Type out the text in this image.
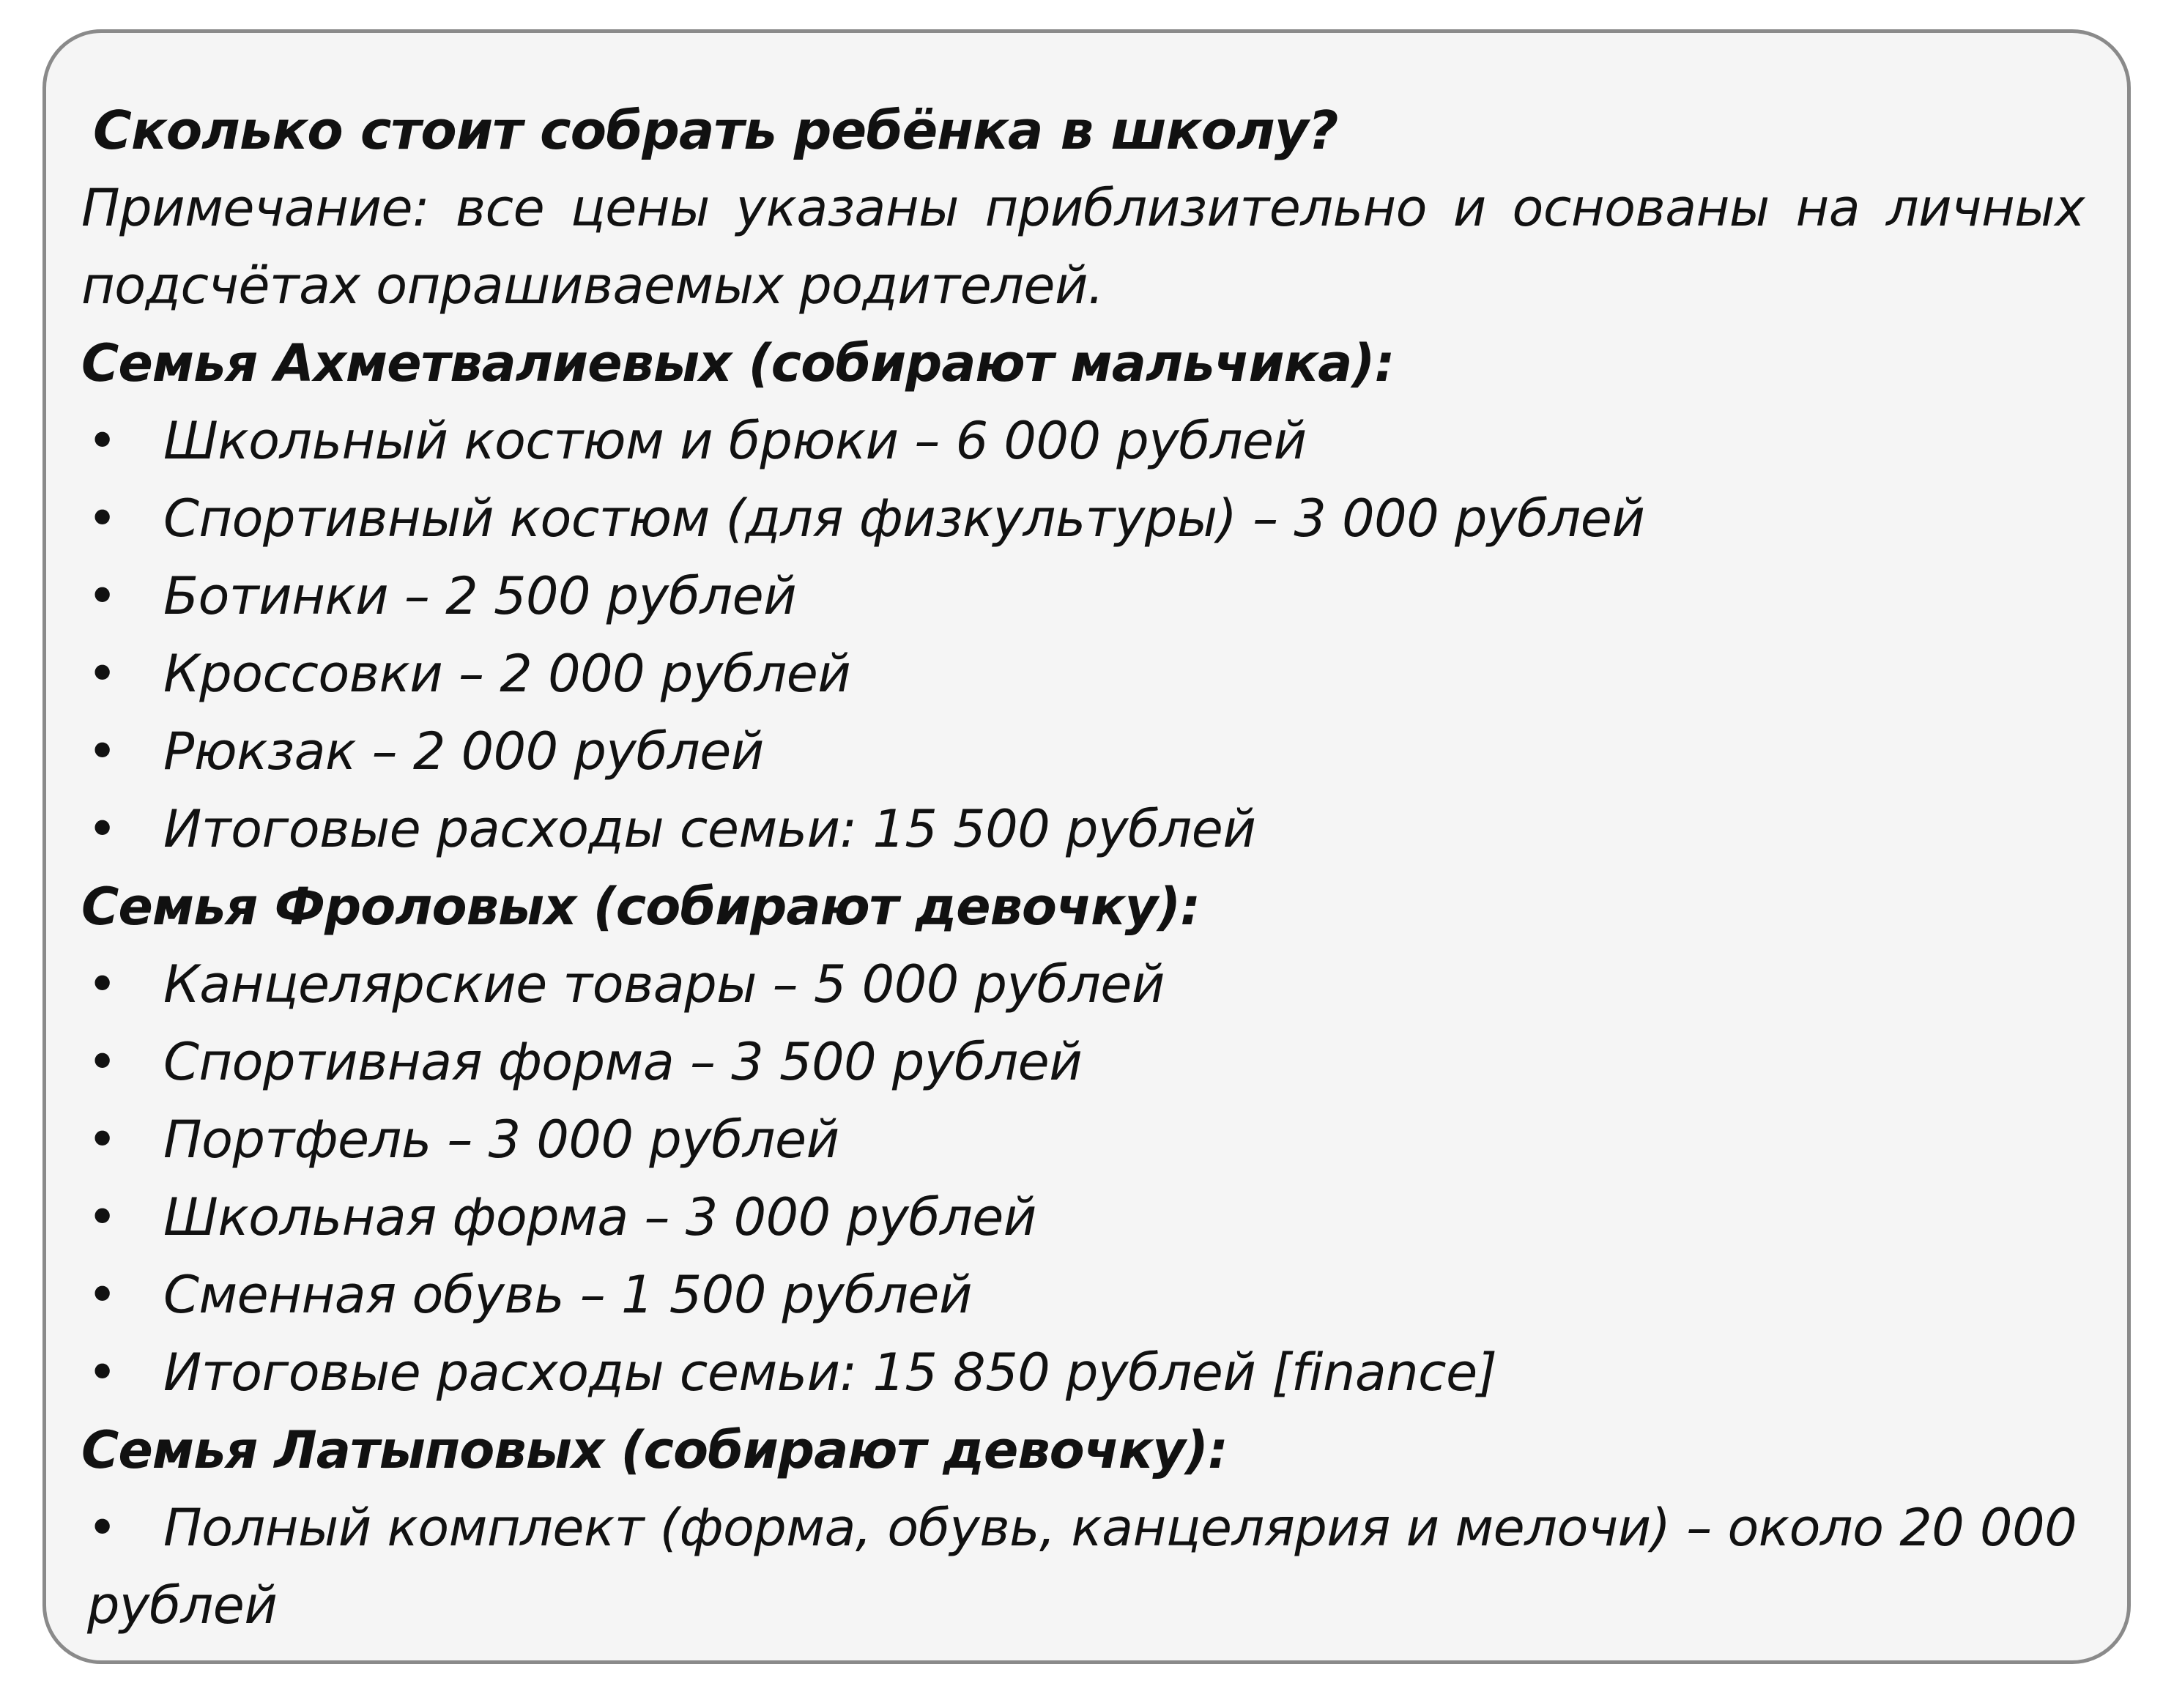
Сколько стоит собрать ребёнка в школу?

Примечание: все цены указаны приблизительно и основаны на личных подсчётах опрашиваемых родителей.

Семья Ахметвалиевых (собирают мальчика):

• Школьный костюм и брюки – 6 000 рублей
• Спортивный костюм (для физкультуры) – 3 000 рублей
• Ботинки – 2 500 рублей
• Кроссовки – 2 000 рублей
• Рюкзак – 2 000 рублей
• Итоговые расходы семьи: 15 500 рублей

Семья Фроловых (собирают девочку):

• Канцелярские товары – 5 000 рублей
• Спортивная форма – 3 500 рублей
• Портфель – 3 000 рублей
• Школьная форма – 3 000 рублей
• Сменная обувь – 1 500 рублей
• Итоговые расходы семьи: 15 850 рублей [finance]

Семья Латыповых (собирают девочку):

• Полный комплект (форма, обувь, канцелярия и мелочи) – около 20 000
рублей
